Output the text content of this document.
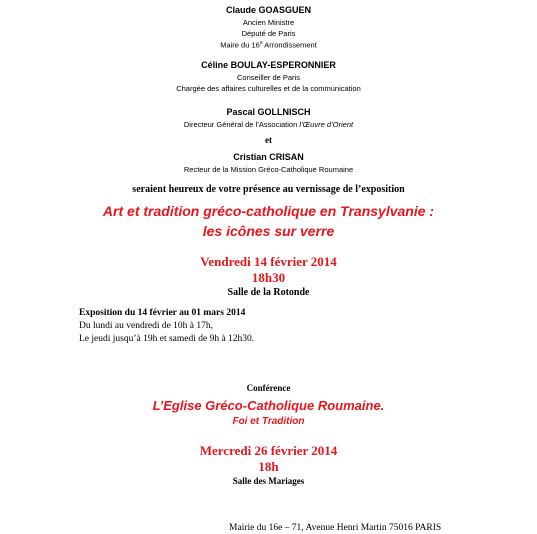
Claude GOASGUEN
Ancien Ministre
Député de Paris
Maire du 16e Arrondissement
Céline BOULAY-ESPERONNIER
Conseiller de Paris
Chargée des affaires culturelles et de la communication
Pascal GOLLNISCH
Directeur Général de l’Association l’Œuvre d’Orient
et
Cristian CRISAN
Recteur de la Mission Gréco-Catholique Roumaine
seraient heureux de votre présence au vernissage de l’exposition
Art et tradition gréco-catholique en Transylvanie :
les icônes sur verre
Vendredi 14 février 2014
18h30
Salle de la Rotonde
Exposition du 14 février au 01 mars 2014
Du lundi au vendredi de 10h à 17h,
Le jeudi jusqu’à 19h et samedi de 9h à 12h30.
Conférence
L’Eglise Gréco-Catholique Roumaine.
Foi et Tradition
Mercredi 26 février 2014
18h
Salle des Mariages
Mairie du 16e – 71, Avenue Henri Martin 75016 PARIS
